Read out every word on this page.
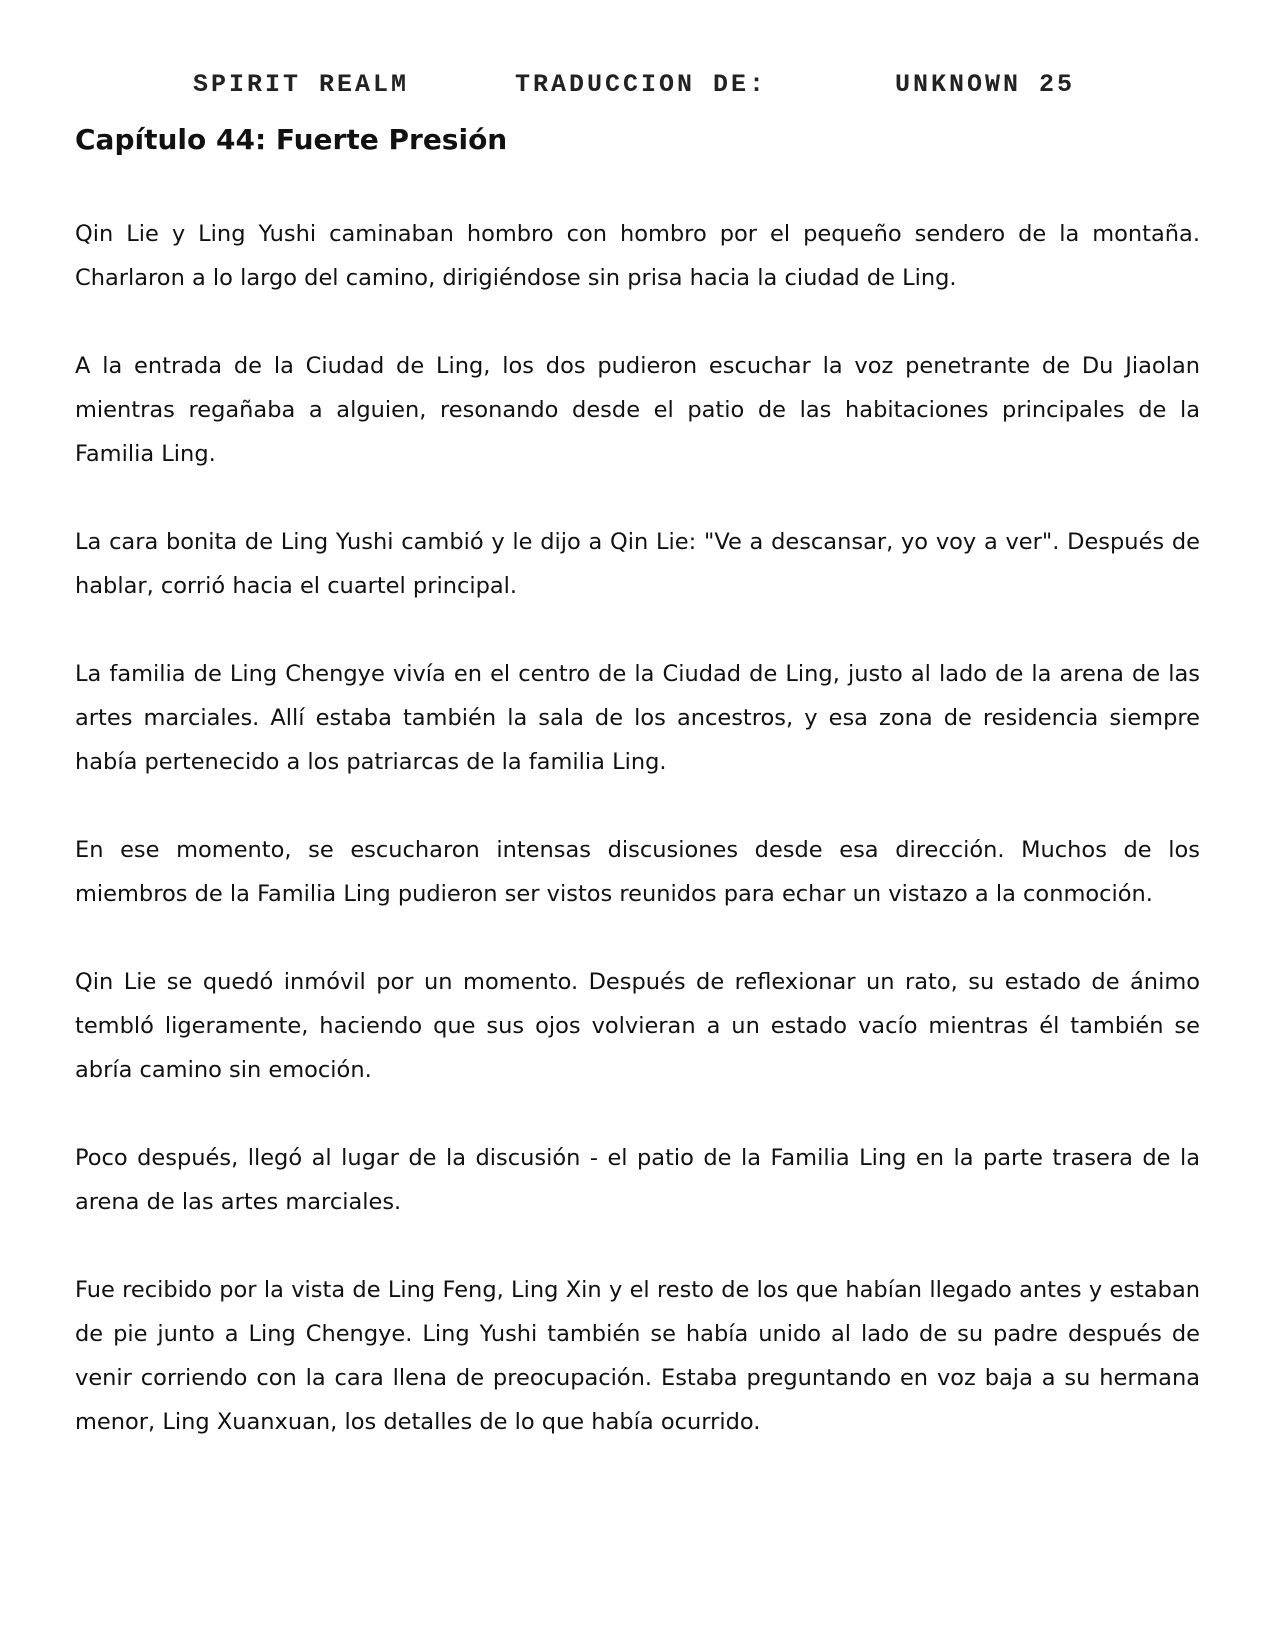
SPIRIT REALM	TRADUCCION DE:	UNKNOWN 25
Capítulo 44: Fuerte Presión

Qin Lie y Ling Yushi caminaban hombro con hombro por el pequeño sendero de la montaña. Charlaron a lo largo del camino, dirigiéndose sin prisa hacia la ciudad de Ling.

A la entrada de la Ciudad de Ling, los dos pudieron escuchar la voz penetrante de Du Jiaolan mientras regañaba a alguien, resonando desde el patio de las habitaciones principales de la Familia Ling.

La cara bonita de Ling Yushi cambió y le dijo a Qin Lie: "Ve a descansar, yo voy a ver". Después de hablar, corrió hacia el cuartel principal.

La familia de Ling Chengye vivía en el centro de la Ciudad de Ling, justo al lado de la arena de las artes marciales. Allí estaba también la sala de los ancestros, y esa zona de residencia siempre había pertenecido a los patriarcas de la familia Ling.

En ese momento, se escucharon intensas discusiones desde esa dirección. Muchos de los miembros de la Familia Ling pudieron ser vistos reunidos para echar un vistazo a la conmoción.

Qin Lie se quedó inmóvil por un momento. Después de reflexionar un rato, su estado de ánimo tembló ligeramente, haciendo que sus ojos volvieran a un estado vacío mientras él también se abría camino sin emoción.

Poco después, llegó al lugar de la discusión - el patio de la Familia Ling en la parte trasera de la arena de las artes marciales.

Fue recibido por la vista de Ling Feng, Ling Xin y el resto de los que habían llegado antes y estaban de pie junto a Ling Chengye. Ling Yushi también se había unido al lado de su padre después de venir corriendo con la cara llena de preocupación. Estaba preguntando en voz baja a su hermana menor, Ling Xuanxuan, los detalles de lo que había ocurrido.
